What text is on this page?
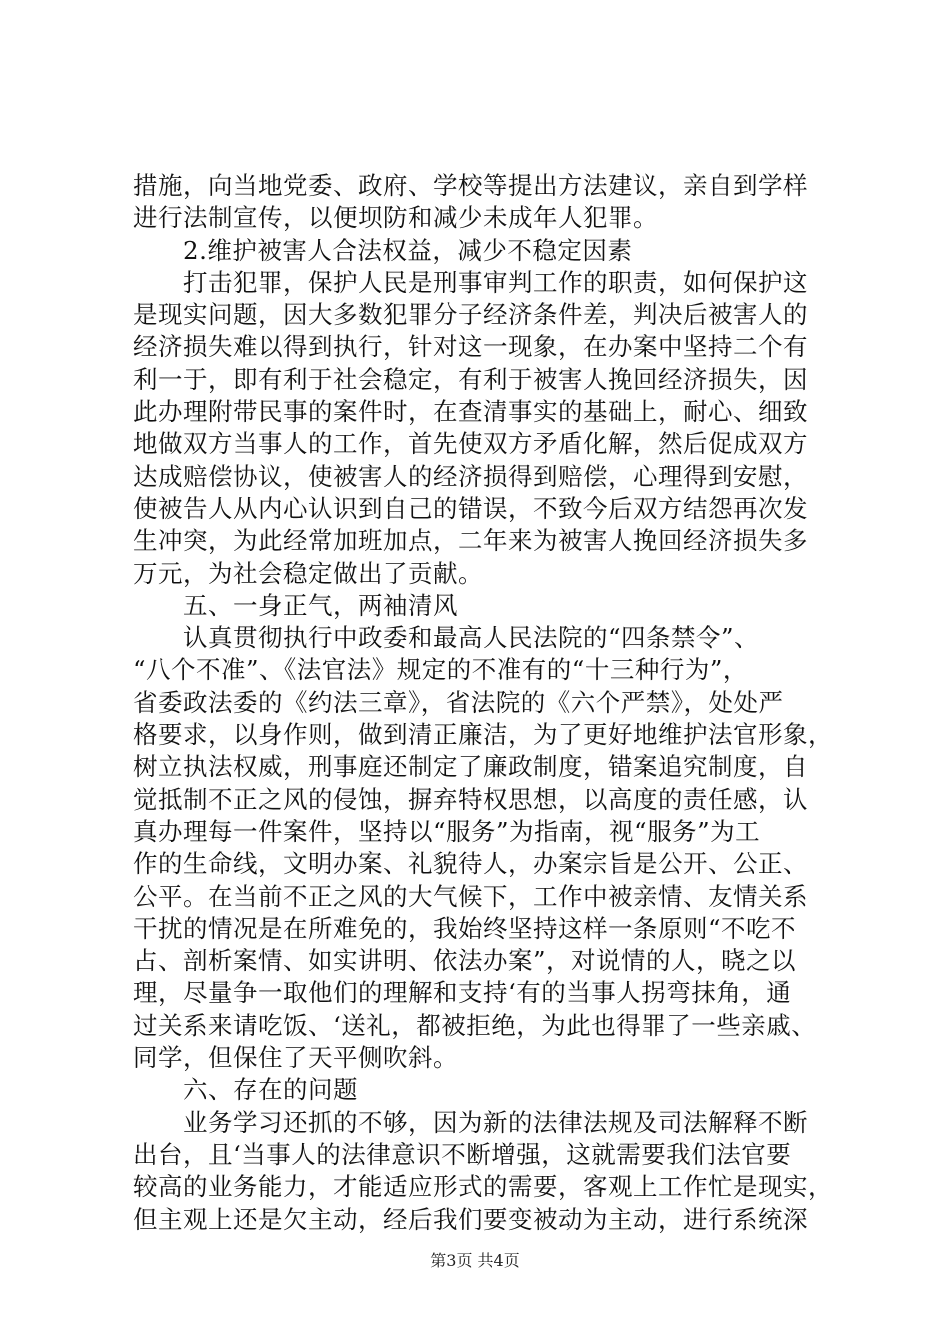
措施，向当地党委、政府、学校等提出方法建议，亲自到学样
进行法制宣传，以便坝防和减少未成年人犯罪。
2.维护被害人合法权益，减少不稳定因素
打击犯罪，保护人民是刑事审判工作的职责，如何保护这
是现实问题，因大多数犯罪分子经济条件差，判决后被害人的
经济损失难以得到执行，针对这一现象，在办案中坚持二个有
利一于，即有利于社会稳定，有利于被害人挽回经济损失，因
此办理附带民事的案件时，在查清事实的基础上，耐心、细致
地做双方当事人的工作，首先使双方矛盾化解，然后促成双方
达成赔偿协议，使被害人的经济损得到赔偿，心理得到安慰，
使被告人从内心认识到自己的错误，不致今后双方结怨再次发
生冲突，为此经常加班加点，二年来为被害人挽回经济损失多
万元，为社会稳定做出了贡献。
五、一身正气，两袖清风
认真贯彻执行中政委和最高人民法院的“四条禁令”、
“八个不准”、《法官法》规定的不准有的“十三种行为”，
省委政法委的《约法三章》，省法院的《六个严禁》，处处严
格要求，以身作则，做到清正廉洁，为了更好地维护法官形象，
树立执法权威，刑事庭还制定了廉政制度，错案追究制度，自
觉抵制不正之风的侵蚀，摒弃特权思想，以高度的责任感，认
真办理每一件案件，坚持以“服务”为指南，视“服务”为工
作的生命线，文明办案、礼貌待人，办案宗旨是公开、公正、
公平。在当前不正之风的大气候下，工作中被亲情、友情关系
干扰的情况是在所难免的，我始终坚持这样一条原则“不吃不
占、剖析案情、如实讲明、依法办案”，对说情的人，晓之以
理，尽量争一取他们的理解和支持‘有的当事人拐弯抹角，通
过关系来请吃饭、‘送礼，都被拒绝，为此也得罪了一些亲戚、
同学，但保住了天平侧吹斜。
六、存在的问题
业务学习还抓的不够，因为新的法律法规及司法解释不断
出台，且‘当事人的法律意识不断增强，这就需要我们法官要
较高的业务能力，才能适应形式的需要，客观上工作忙是现实，
但主观上还是欠主动，经后我们要变被动为主动，进行系统深
第3页 共4页
